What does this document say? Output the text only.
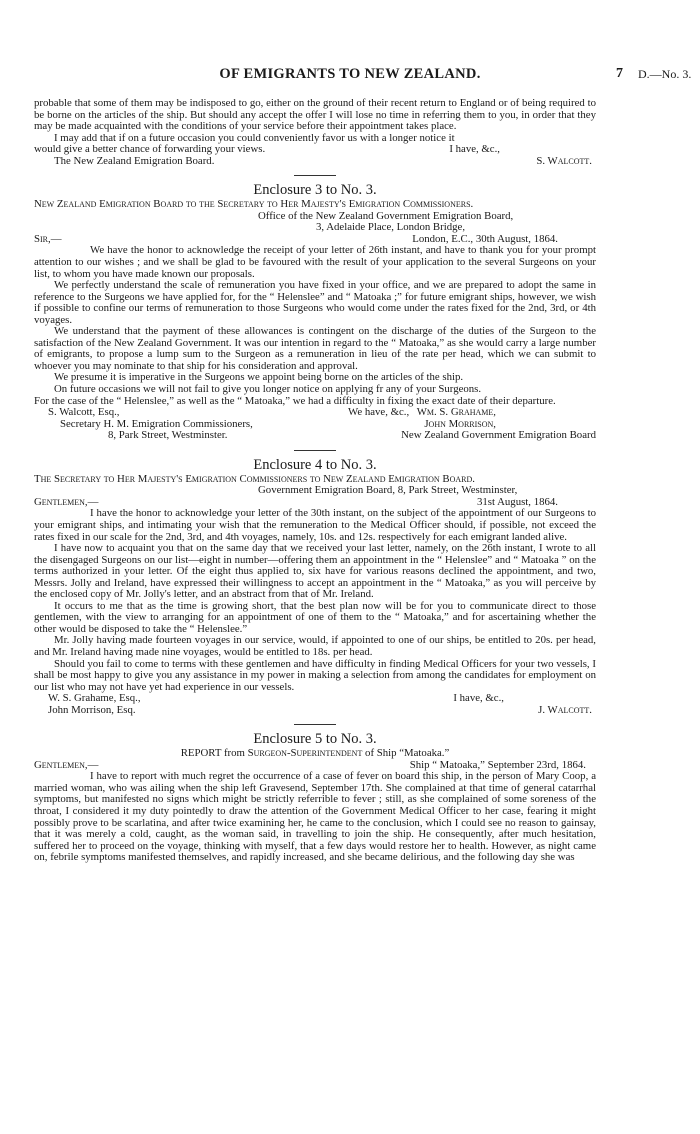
OF EMIGRANTS TO NEW ZEALAND.	7 D.—No. 3.

probable that some of them may be indisposed to go, either on the ground of their recent return to England or of being required to be borne on the articles of the ship. But should any accept the offer I will lose no time in referring them to you, in order that they may be made acquainted with the conditions of your service before their appointment takes place.

I may add that if on a future occasion you could conveniently favor us with a longer notice it

would give a better chance of forwarding your views.	I have, &c.,
The New Zealand Emigration Board.	S. Walcott.
Enclosure 3 to No. 3.
New Zealand Emigration Board to the Secretary to Her Majesty's Emigration Commissioners.
Office of the New Zealand Government Emigration Board,
3, Adelaide Place, London Bridge,
Sir,—	London, E.C., 30th August, 1864.

We have the honor to acknowledge the receipt of your letter of 26th instant, and have to thank you for your prompt attention to our wishes ; and we shall be glad to be favoured with the result of your application to the several Surgeons on your list, to whom you have made known our proposals.

We perfectly understand the scale of remuneration you have fixed in your office, and we are prepared to adopt the same in reference to the Surgeons we have applied for, for the “ Helenslee” and “ Matoaka ;” for future emigrant ships, however, we wish if possible to confine our terms of remuneration to those Surgeons who would come under the rates fixed for the 2nd, 3rd, or 4th voyages.

We understand that the payment of these allowances is contingent on the discharge of the duties of the Surgeon to the satisfaction of the New Zealand Government. It was our intention in regard to the “ Matoaka,” as she would carry a large number of emigrants, to propose a lump sum to the Surgeon as a remuneration in lieu of the rate per head, which we can submit to whoever you may nominate to that ship for his consideration and approval.

We presume it is imperative in the Surgeons we appoint being borne on the articles of the ship.

On future occasions we will not fail to give you longer notice on applying fr any of your Surgeons.

For the case of the “ Helenslee,” as well as the “ Matoaka,” we had a difficulty in fixing the exact date of their departure.

We have, &c.,
S. Walcott, Esq.,	Wm. S. Grahame,
Secretary H. M. Emigration Commissioners,	John Morrison,
8, Park Street, Westminster.	New Zealand Government Emigration Board
Enclosure 4 to No. 3.
The Secretary to Her Majesty's Emigration Commissioners to New Zealand Emigration Board.
Government Emigration Board, 8, Park Street, Westminster,
Gentlemen,—	31st August, 1864.

I have the honor to acknowledge your letter of the 30th instant, on the subject of the appointment of our Surgeons to your emigrant ships, and intimating your wish that the remuneration to the Medical Officer should, if possible, not exceed the rates fixed in our scale for the 2nd, 3rd, and 4th voyages, namely, 10s. and 12s. respectively for each emigrant landed alive.

I have now to acquaint you that on the same day that we received your last letter, namely, on the 26th instant, I wrote to all the disengaged Surgeons on our list—eight in number—offering them an appointment in the “ Helenslee” and “ Matoaka ” on the terms authorized in your letter. Of the eight thus applied to, six have for various reasons declined the appointment, and two, Messrs. Jolly and Ireland, have expressed their willingness to accept an appointment in the “ Matoaka,” as you will perceive by the enclosed copy of Mr. Jolly's letter, and an abstract from that of Mr. Ireland.

It occurs to me that as the time is growing short, that the best plan now will be for you to communicate direct to those gentlemen, with the view to arranging for an appointment of one of them to the “ Matoaka,” and for ascertaining whether the other would be disposed to take the “ Helenslee.”

Mr. Jolly having made fourteen voyages in our service, would, if appointed to one of our ships, be entitled to 20s. per head, and Mr. Ireland having made nine voyages, would be entitled to 18s. per head.

Should you fail to come to terms with these gentlemen and have difficulty in finding Medical Officers for your two vessels, I shall be most happy to give you any assistance in my power in making a selection from among the candidates for employment on our list who may not have yet had experience in our vessels.

W. S. Grahame, Esq.,	I have, &c.,
John Morrison, Esq.	J. Walcott.
Enclosure 5 to No. 3.
REPORT from Surgeon-Superintendent of Ship “Matoaka.”
Gentlemen,—	Ship “ Matoaka,” September 23rd, 1864.

I have to report with much regret the occurrence of a case of fever on board this ship, in the person of Mary Coop, a married woman, who was ailing when the ship left Gravesend, September 17th. She complained at that time of general catarrhal symptoms, but manifested no signs which might be strictly referrible to fever ; still, as she complained of some soreness of the throat, I considered it my duty pointedly to draw the attention of the Government Medical Officer to her case, fearing it might possibly prove to be scarlatina, and after twice examining her, he came to the conclusion, which I could see no reason to gainsay, that it was merely a cold, caught, as the woman said, in travelling to join the ship. He consequently, after much hesitation, suffered her to proceed on the voyage, thinking with myself, that a few days would restore her to health. However, as night came on, febrile symptoms manifested themselves, and rapidly increased, and she became delirious, and the following day she was
